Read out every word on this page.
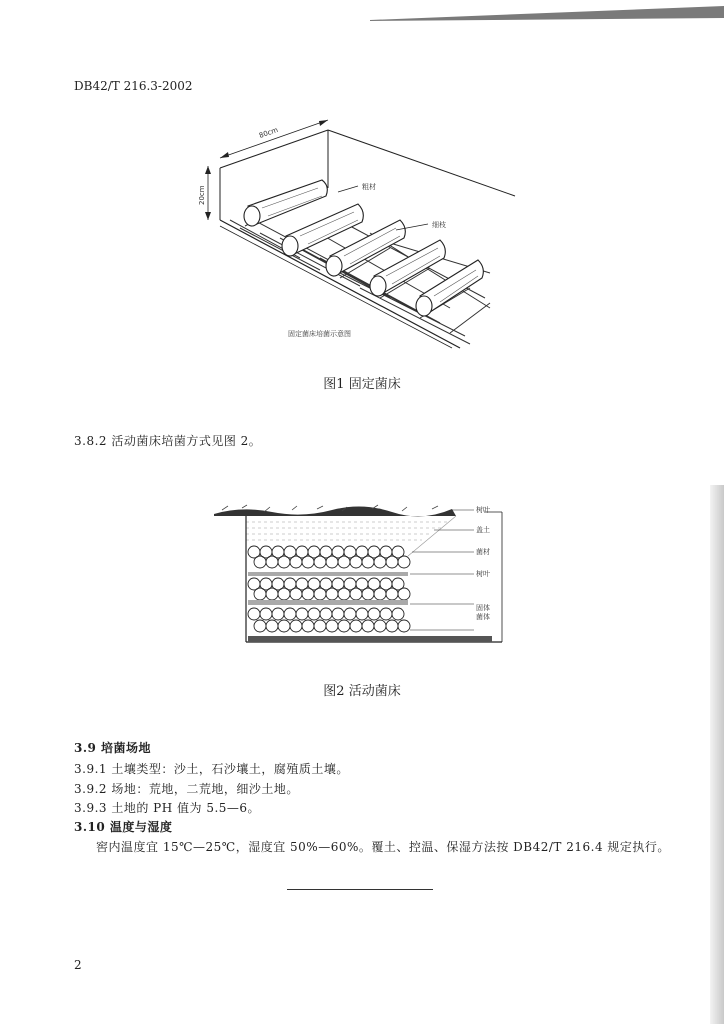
DB42/T 216.3-2002
80cm
20cm	粗材
细枝
固定菌床培菌示意图
图1 固定菌床
3.8.2 活动菌床培菌方式见图 2。
树叶
盖土
菌材
树叶
固体
菌体
图2 活动菌床
3.9 培菌场地
3.9.1 土壤类型：沙土，石沙壤土，腐殖质土壤。
3.9.2 场地：荒地，二荒地，细沙土地。
3.9.3 土地的 PH 值为 5.5—6。
3.10 温度与湿度
窖内温度宜 15℃—25℃，湿度宜 50%—60%。覆土、控温、保湿方法按 DB42/T 216.4 规定执行。
2
